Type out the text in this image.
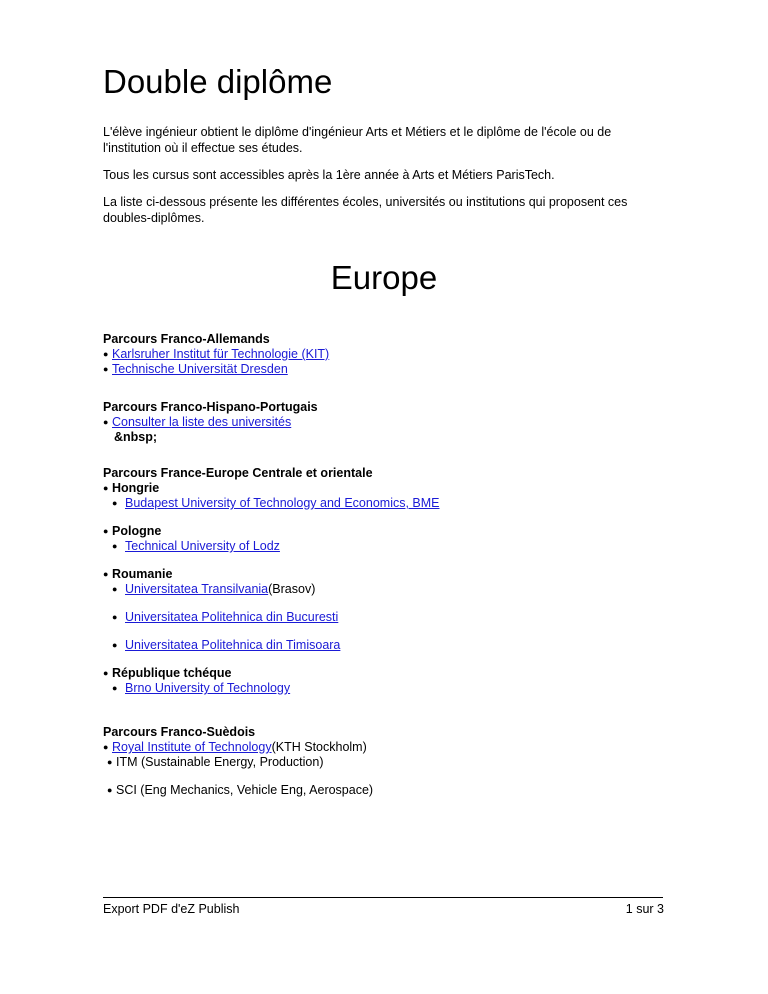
Double diplôme

L'élève ingénieur obtient le diplôme d'ingénieur Arts et Métiers et le diplôme de l'école ou de l'institution où il effectue ses études.

Tous les cursus sont accessibles après la 1ère année à Arts et Métiers ParisTech.

La liste ci-dessous présente les différentes écoles, universités ou institutions qui proposent ces doubles-diplômes.

Europe
Parcours Franco-Allemands
● Karlsruher Institut für Technologie (KIT)
● Technische Universität Dresden
Parcours Franco-Hispano-Portugais
● Consulter la liste des universités
&nbsp;
Parcours France-Europe Centrale et orientale
● Hongrie
● Budapest University of Technology and Economics, BME
● Pologne
● Technical University of Lodz
● Roumanie
● Universitatea Transilvania (Brasov)
● Universitatea Politehnica din Bucuresti
● Universitatea Politehnica din Timisoara
● République tchéque
● Brno University of Technology
Parcours Franco-Suèdois
● Royal Institute of Technology (KTH Stockholm)
● ITM (Sustainable Energy, Production)
● SCI (Eng Mechanics, Vehicle Eng, Aerospace)
Export PDF d'eZ Publish	1 sur 3
